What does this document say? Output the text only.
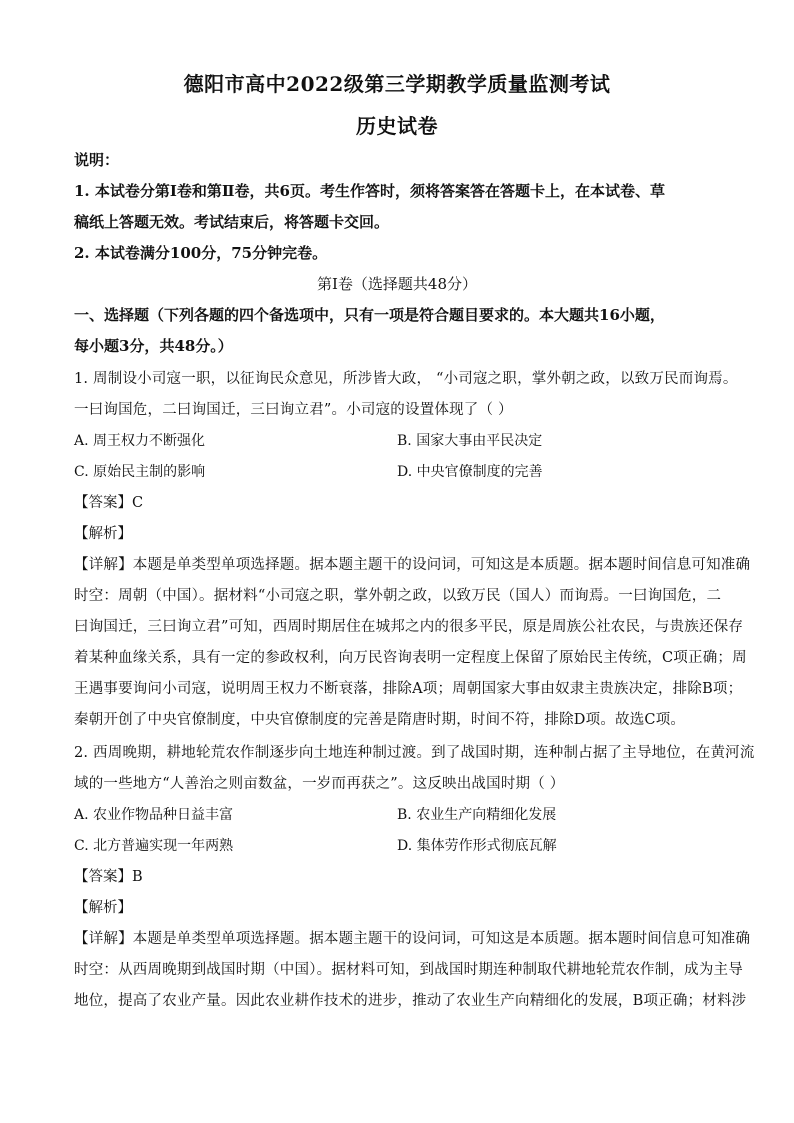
德阳市高中2022级第三学期教学质量监测考试
历史试卷
说明：
1. 本试卷分第Ⅰ卷和第Ⅱ卷，共6页。考生作答时，须将答案答在答题卡上，在本试卷、草
稿纸上答题无效。考试结束后，将答题卡交回。
2. 本试卷满分100分，75分钟完卷。
第Ⅰ卷（选择题共48分）
一、选择题（下列各题的四个备选项中，只有一项是符合题目要求的。本大题共16小题，
每小题3分，共48分。）
1. 周制设小司寇一职，以征询民众意见，所涉皆大政， “小司寇之职，掌外朝之政，以致万民而询焉。
一曰询国危，二曰询国迁，三曰询立君”。小司寇的设置体现了（ ）
A. 周王权力不断强化	B. 国家大事由平民决定
C. 原始民主制的影响	D. 中央官僚制度的完善
【答案】C
【解析】
【详解】本题是单类型单项选择题。据本题主题干的设问词，可知这是本质题。据本题时间信息可知准确
时空：周朝（中国）。据材料“小司寇之职，掌外朝之政，以致万民（国人）而询焉。一曰询国危，二
曰询国迁，三曰询立君”可知，西周时期居住在城邦之内的很多平民，原是周族公社农民，与贵族还保存
着某种血缘关系，具有一定的参政权利，向万民咨询表明一定程度上保留了原始民主传统，C项正确；周
王遇事要询问小司寇，说明周王权力不断衰落，排除A项；周朝国家大事由奴隶主贵族决定，排除B项；
秦朝开创了中央官僚制度，中央官僚制度的完善是隋唐时期，时间不符，排除D项。故选C项。
2. 西周晚期，耕地轮荒农作制逐步向土地连种制过渡。到了战国时期，连种制占据了主导地位，在黄河流
域的一些地方“人善治之则亩数盆，一岁而再获之”。这反映出战国时期（ ）
A. 农业作物品种日益丰富	B. 农业生产向精细化发展
C. 北方普遍实现一年两熟	D. 集体劳作形式彻底瓦解
【答案】B
【解析】
【详解】本题是单类型单项选择题。据本题主题干的设问词，可知这是本质题。据本题时间信息可知准确
时空：从西周晚期到战国时期（中国）。据材料可知，到战国时期连种制取代耕地轮荒农作制，成为主导
地位，提高了农业产量。因此农业耕作技术的进步，推动了农业生产向精细化的发展，B项正确；材料涉
